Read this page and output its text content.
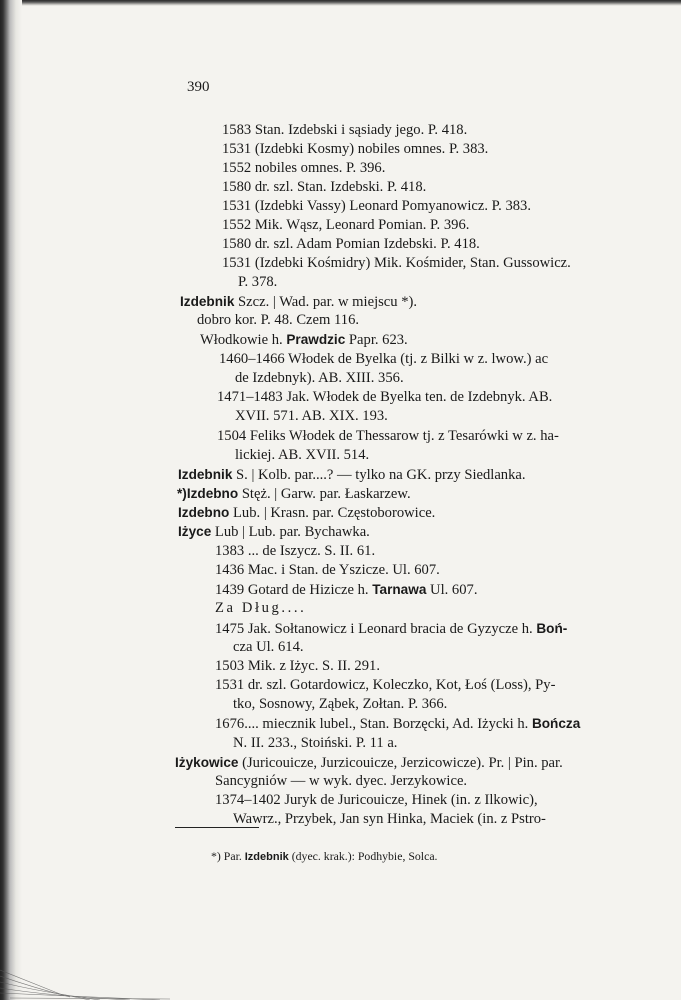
390
1583 Stan. Izdebski i sąsiady jego. P. 418.
1531 (Izdebki Kosmy) nobiles omnes. P. 383.
1552 nobiles omnes. P. 396.
1580 dr. szl. Stan. Izdebski. P. 418.
1531 (Izdebki Vassy) Leonard Pomyanowicz. P. 383.
1552 Mik. Wąsz, Leonard Pomian. P. 396.
1580 dr. szl. Adam Pomian Izdebski. P. 418.
1531 (Izdebki Kośmidry) Mik. Kośmider, Stan. Gussowicz.
P. 378.
Izdebnik Szcz. | Wad. par. w miejscu *).
dobro kor. P. 48. Czem 116.
Włodkowie h. Prawdzic Papr. 623.
1460–1466 Włodek de Byelka (tj. z Bilki w z. lwow.) ac
de Izdebnyk). AB. XIII. 356.
1471–1483 Jak. Włodek de Byelka ten. de Izdebnyk. AB.
XVII. 571. AB. XIX. 193.
1504 Feliks Włodek de Thessarow tj. z Tesarówki w z. ha-
lickiej. AB. XVII. 514.
Izdebnik S. | Kolb. par....? — tylko na GK. przy Siedlanka.
*)Izdebno Stęż. | Garw. par. Łaskarzew.
Izdebno Lub. | Krasn. par. Częstoborowice.
Iżyce Lub | Lub. par. Bychawka.
1383 ... de Iszycz. S. II. 61.
1436 Mac. i Stan. de Yszicze. Ul. 607.
1439 Gotard de Hizicze h. Tarnawa Ul. 607.
Za Dług....
1475 Jak. Sołtanowicz i Leonard bracia de Gyzycze h. Boń-
cza Ul. 614.
1503 Mik. z Iżyc. S. II. 291.
1531 dr. szl. Gotardowicz, Koleczko, Kot, Łoś (Loss), Py-
tko, Sosnowy, Ząbek, Zołtan. P. 366.
1676.... miecznik lubel., Stan. Borzęcki, Ad. Iżycki h. Bończa
N. II. 233., Stoiński. P. 11 a.
Iżykowice (Juricouicze, Jurzicouicze, Jerzicowicze). Pr. | Pin. par.
Sancygniów — w wyk. dyec. Jerzykowice.
1374–1402 Juryk de Juricouicze, Hinek (in. z Ilkowic),
Wawrz., Przybek, Jan syn Hinka, Maciek (in. z Pstro-
*) Par. Izdebnik (dyec. krak.): Podhybie, Solca.
